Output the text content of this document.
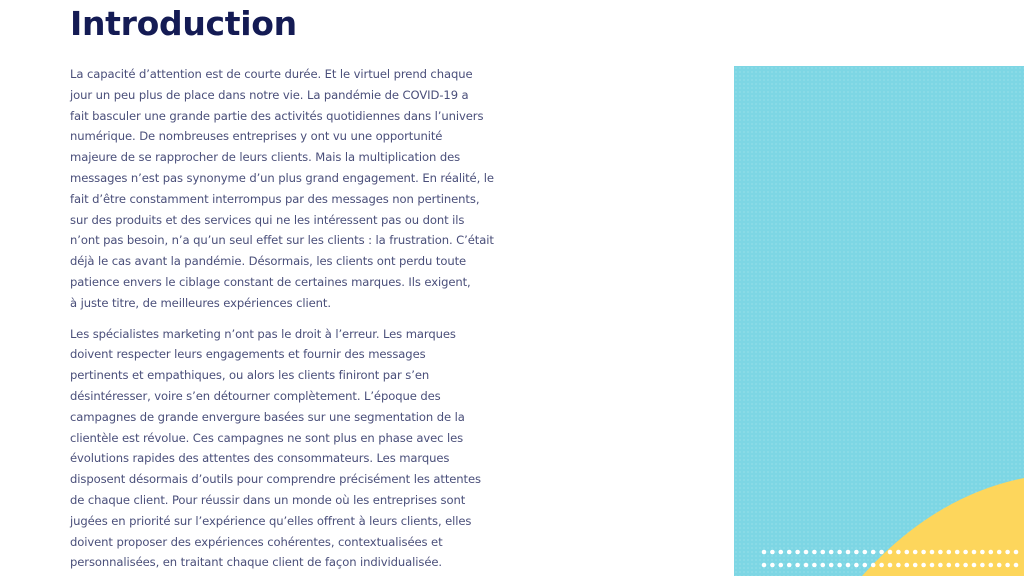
Introduction

La capacité d’attention est de courte durée. Et le virtuel prend chaque
jour un peu plus de place dans notre vie. La pandémie de COVID-19 a
fait basculer une grande partie des activités quotidiennes dans l’univers
numérique. De nombreuses entreprises y ont vu une opportunité
majeure de se rapprocher de leurs clients. Mais la multiplication des
messages n’est pas synonyme d’un plus grand engagement. En réalité, le
fait d’être constamment interrompus par des messages non pertinents,
sur des produits et des services qui ne les intéressent pas ou dont ils
n’ont pas besoin, n’a qu’un seul effet sur les clients : la frustration. C’était
déjà le cas avant la pandémie. Désormais, les clients ont perdu toute
patience envers le ciblage constant de certaines marques. Ils exigent,
à juste titre, de meilleures expériences client.

Les spécialistes marketing n’ont pas le droit à l’erreur. Les marques
doivent respecter leurs engagements et fournir des messages
pertinents et empathiques, ou alors les clients finiront par s’en
désintéresser, voire s’en détourner complètement. L’époque des
campagnes de grande envergure basées sur une segmentation de la
clientèle est révolue. Ces campagnes ne sont plus en phase avec les
évolutions rapides des attentes des consommateurs. Les marques
disposent désormais d’outils pour comprendre précisément les attentes
de chaque client. Pour réussir dans un monde où les entreprises sont
jugées en priorité sur l’expérience qu’elles offrent à leurs clients, elles
doivent proposer des expériences cohérentes, contextualisées et
personnalisées, en traitant chaque client de façon individualisée.
